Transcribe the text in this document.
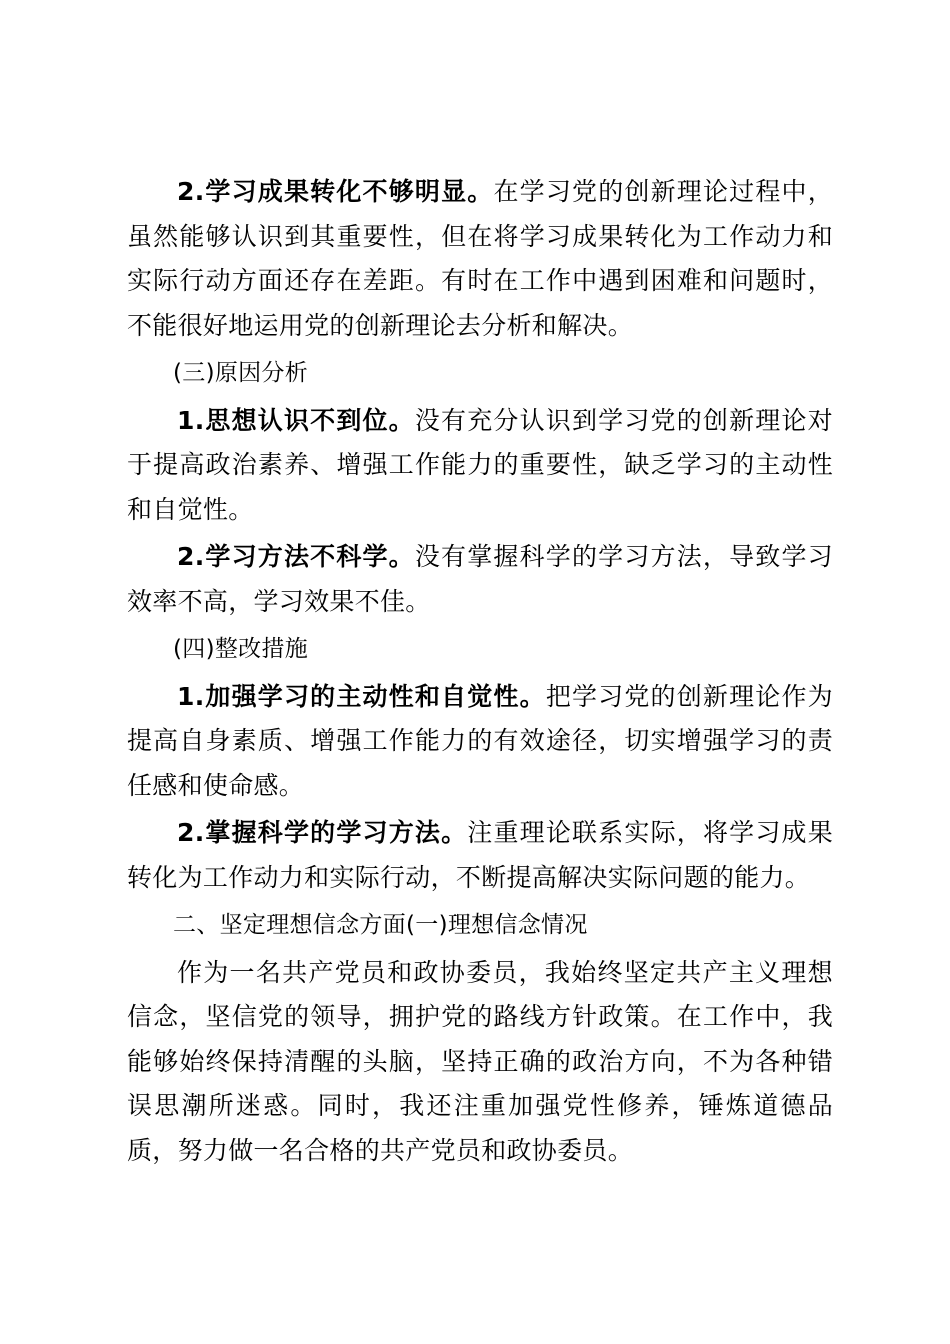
2.学习成果转化不够明显。在学习党的创新理论过程中，虽然能够认识到其重要性，但在将学习成果转化为工作动力和实际行动方面还存在差距。有时在工作中遇到困难和问题时，不能很好地运用党的创新理论去分析和解决。

(三)原因分析

1.思想认识不到位。没有充分认识到学习党的创新理论对于提高政治素养、增强工作能力的重要性，缺乏学习的主动性和自觉性。

2.学习方法不科学。没有掌握科学的学习方法，导致学习效率不高，学习效果不佳。

(四)整改措施

1.加强学习的主动性和自觉性。把学习党的创新理论作为提高自身素质、增强工作能力的有效途径，切实增强学习的责任感和使命感。

2.掌握科学的学习方法。注重理论联系实际，将学习成果转化为工作动力和实际行动，不断提高解决实际问题的能力。

二、坚定理想信念方面(一)理想信念情况

作为一名共产党员和政协委员，我始终坚定共产主义理想信念，坚信党的领导，拥护党的路线方针政策。在工作中，我能够始终保持清醒的头脑，坚持正确的政治方向，不为各种错误思潮所迷惑。同时，我还注重加强党性修养，锤炼道德品质，努力做一名合格的共产党员和政协委员。
